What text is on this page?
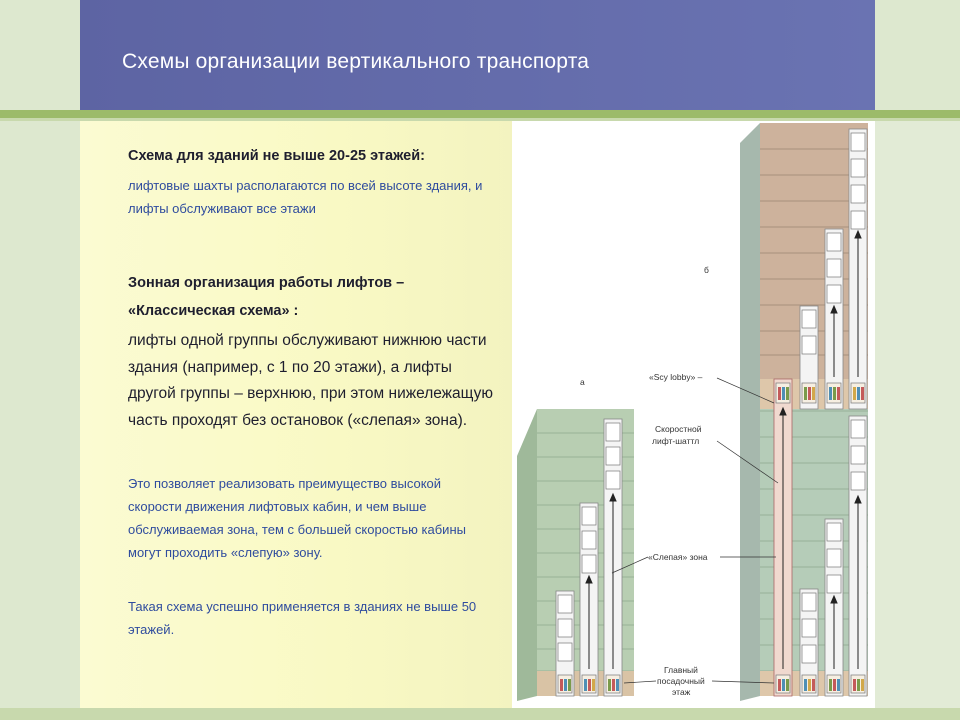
Схемы организации вертикального транспорта

Схема для зданий не выше 20-25 этажей:

лифтовые шахты располагаются по всей высоте здания, и лифты обслуживают все этажи

Зонная организация работы лифтов – «Классическая схема» :

лифты одной группы обслуживают нижнюю части здания (например, с 1 по 20 этажи), а лифты другой группы – верхнюю, при этом нижележащую часть проходят без остановок («слепая» зона).

Это позволяет реализовать преимущество высокой скорости движения лифтовых кабин, и чем выше обслуживаемая зона, тем с большей скоростью кабины могут проходить «слепую» зону.

Такая схема успешно применяется в зданиях не выше 50 этажей.

а
б
«Sсy lobby» –
Скоростной
лифт-шаттл
«Слепая» зона
Главный
посадочный
этаж
